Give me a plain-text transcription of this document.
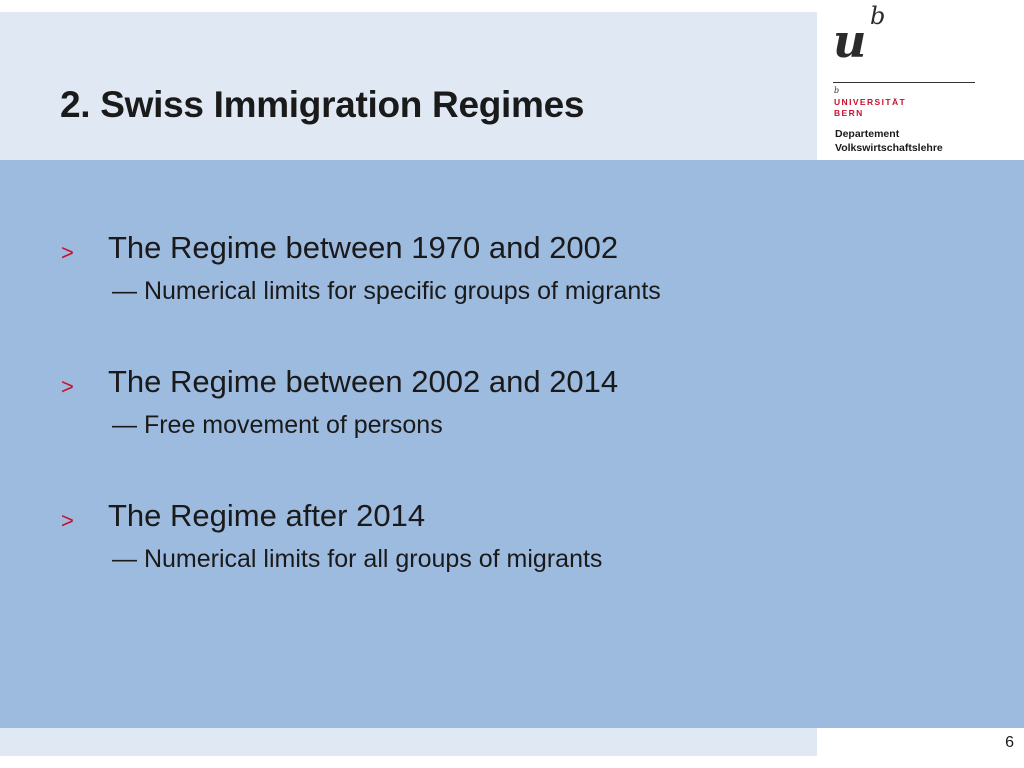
2. Swiss Immigration Regimes
u b
b
UNIVERSITÄT
BERN
Departement
Volkswirtschaftslehre
> The Regime between 1970 and 2002
— Numerical limits for specific groups of migrants
> The Regime between 2002 and 2014
— Free movement of persons
> The Regime after 2014
— Numerical limits for all groups of migrants
6
